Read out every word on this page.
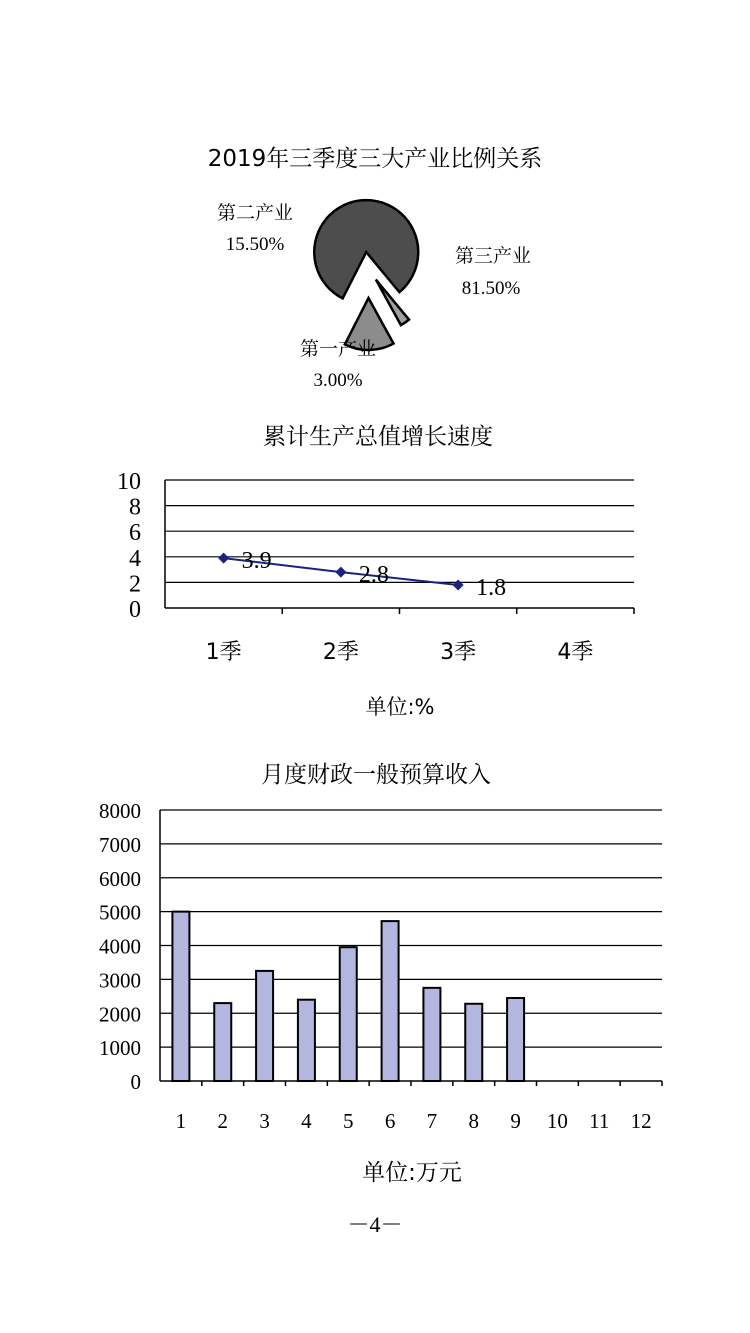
2019年三季度三大产业比例关系
第三产业
81.50%
第二产业
15.50%
第一产业
3.00%
累计生产总值增长速度
0
2
4
6
8
10
1季	2季	3季	4季
3.9
2.8	1.8
单位:%
月度财政一般预算收入
0
1000
2000
3000
4000
5000
6000
7000
8000
1 2 3 4 5 6 7 8 9 10 11 12
单位:万元
－4－
